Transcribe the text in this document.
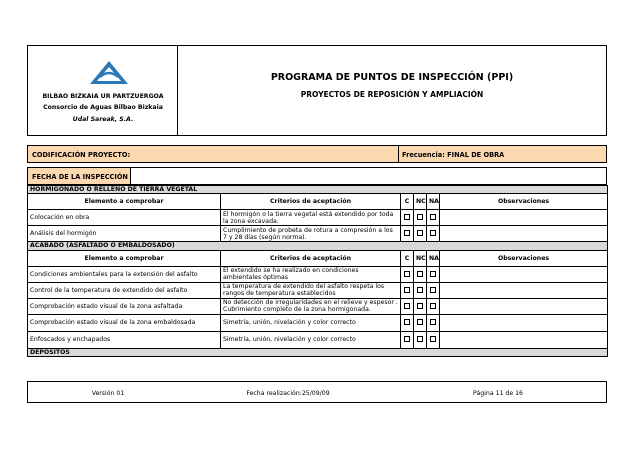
BILBAO BIZKAIA UR PARTZUERGOA
Consorcio de Aguas Bilbao Bizkaia
Udal Sareak, S.A.
PROGRAMA DE PUNTOS DE INSPECCIÓN (PPI)
PROYECTOS DE REPOSICIÓN Y AMPLIACIÓN
CODIFICACIÓN PROYECTO:	Frecuencia: FINAL DE OBRA
FECHA DE LA INSPECCIÓN
HORMIGONADO O RELLENO DE TIERRA VEGETAL					
Elemento a comprobar	Criterios de aceptación	C	NC	NA	Observaciones
Colocación en obra	El hormigón o la tierra vegetal está extendido por toda la zona excavada.				
Análisis del hormigón	Cumplimiento de probeta de rotura a compresión a los 7 y 28 días (según norma).				
ACABADO (ASFALTADO O EMBALDOSADO)					
Elemento a comprobar	Criterios de aceptación	C	NC	NA	Observaciones
Condiciones ambientales para la extensión del asfalto	El extendido se ha realizado en condiciones ambientales óptimas				
Control de la temperatura de extendido del asfalto	La temperatura de extendido del asfalto respeta los rangos de temperatura establecidos				
Comprobación estado visual de la zona asfaltada	No detección de irregularidades en el relieve y espesor . Cubrimiento completo de la zona hormigonada.				
Comprobación estado visual de la zona embaldosada	Simetría, unión, nivelación y color correcto				
Enfoscados y enchapados	Simetría, unión, nivelación y color correcto				
DEPÓSITOS					
Versión 01	Fecha realización:25/09/09	Página 11 de 16
